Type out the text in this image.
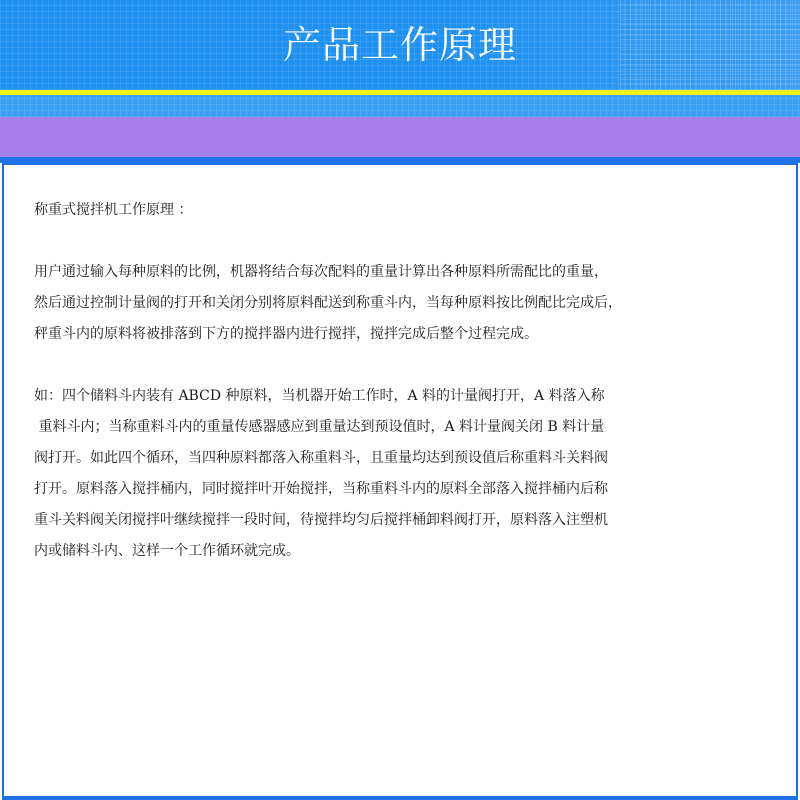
产品工作原理

称重式搅拌机工作原理 ：

用户通过输入每种原料的比例，机器将结合每次配料的重量计算出各种原料所需配比的重量，

然后通过控制计量阀的打开和关闭分别将原料配送到称重斗内，当每种原料按比例配比完成后，

秤重斗内的原料将被排落到下方的搅拌器内进行搅拌，搅拌完成后整个过程完成。

如：四个储料斗内装有 ABCD 种原料，当机器开始工作时，A 料的计量阀打开，A 料落入称

重料斗内；当称重料斗内的重量传感器感应到重量达到预设值时，A 料计量阀关闭 B 料计量

阀打开。如此四个循环，当四种原料都落入称重料斗，且重量均达到预设值后称重料斗关料阀

打开。原料落入搅拌桶内，同时搅拌叶开始搅拌，当称重料斗内的原料全部落入搅拌桶内后称

重斗关料阀关闭搅拌叶继续搅拌一段时间，待搅拌均匀后搅拌桶卸料阀打开，原料落入注塑机

内或储料斗内、这样一个工作循环就完成。
